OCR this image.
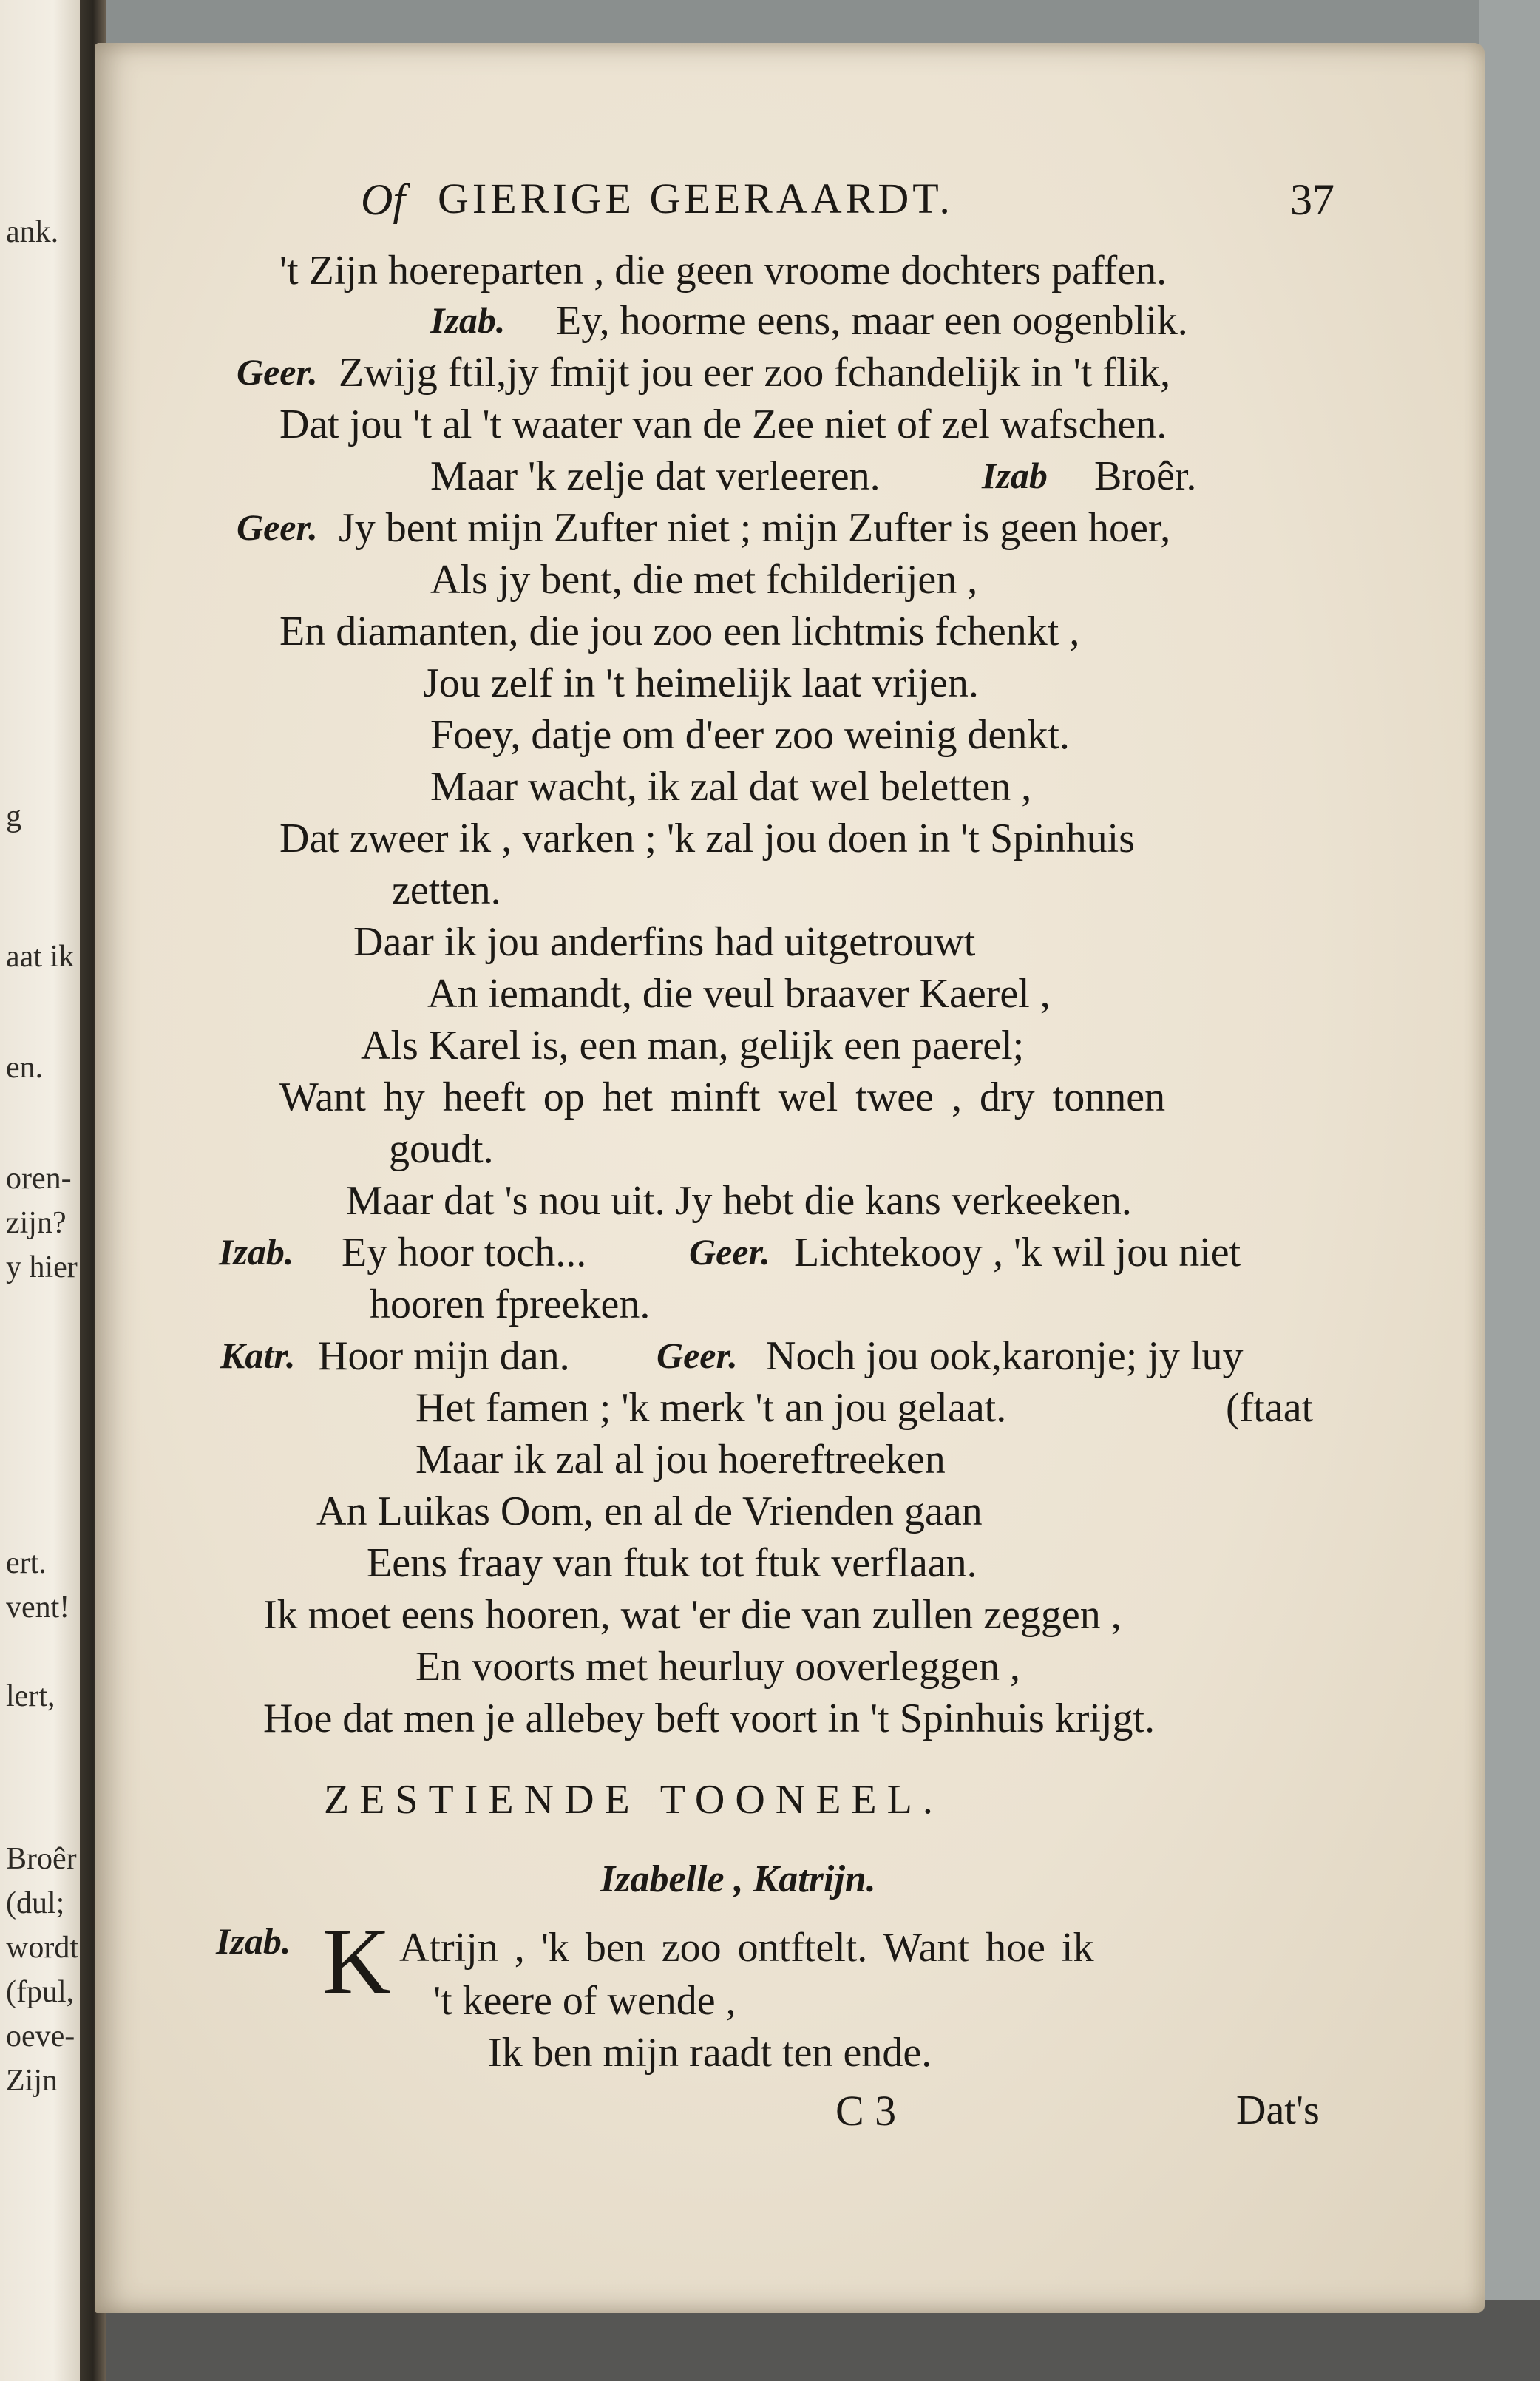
ank.
g
aat ik
en.
oren-
zijn?
y hier
ert.
vent!
lert,
Broêr
(dul;
wordt
(fpul,
oeve-
Zijn
Of GIERIGE GEERAARDT.	37
't Zijn hoereparten , die geen vroome dochters paffen.
Izab. Ey, hoorme eens, maar een oogenblik.
Geer. Zwijg ftil,jy fmijt jou eer zoo fchandelijk in 't flik,
Dat jou 't al 't waater van de Zee niet of zel wafschen.
Maar 'k zelje dat verleeren.	Izab Broêr.
Geer. Jy bent mijn Zufter niet ; mijn Zufter is geen hoer,
Als jy bent, die met fchilderijen ,
En diamanten, die jou zoo een lichtmis fchenkt ,
Jou zelf in 't heimelijk laat vrijen.
Foey, datje om d'eer zoo weinig denkt.
Maar wacht, ik zal dat wel beletten ,
Dat zweer ik , varken ; 'k zal jou doen in 't Spinhuis
zetten.
Daar ik jou anderfins had uitgetrouwt
An iemandt, die veul braaver Kaerel ,
Als Karel is, een man, gelijk een paerel;
Want hy heeft op het minft wel twee , dry tonnen
goudt.
Maar dat 's nou uit. Jy hebt die kans verkeeken.
Izab. Ey hoor toch...	Geer. Lichtekooy , 'k wil jou niet
hooren fpreeken.
Katr. Hoor mijn dan. Geer. Noch jou ook,karonje; jy luy
Het famen ; 'k merk 't an jou gelaat.	(ftaat
Maar ik zal al jou hoereftreeken
An Luikas Oom, en al de Vrienden gaan
Eens fraay van ftuk tot ftuk verflaan.
Ik moet eens hooren, wat 'er die van zullen zeggen ,
En voorts met heurluy ooverleggen ,
Hoe dat men je allebey beft voort in 't Spinhuis krijgt.
ZESTIENDE TOONEEL.
Izabelle , Katrijn.
Izab. K Atrijn , 'k ben zoo ontftelt. Want hoe ik
't keere of wende ,
Ik ben mijn raadt ten ende.
C 3	Dat's
